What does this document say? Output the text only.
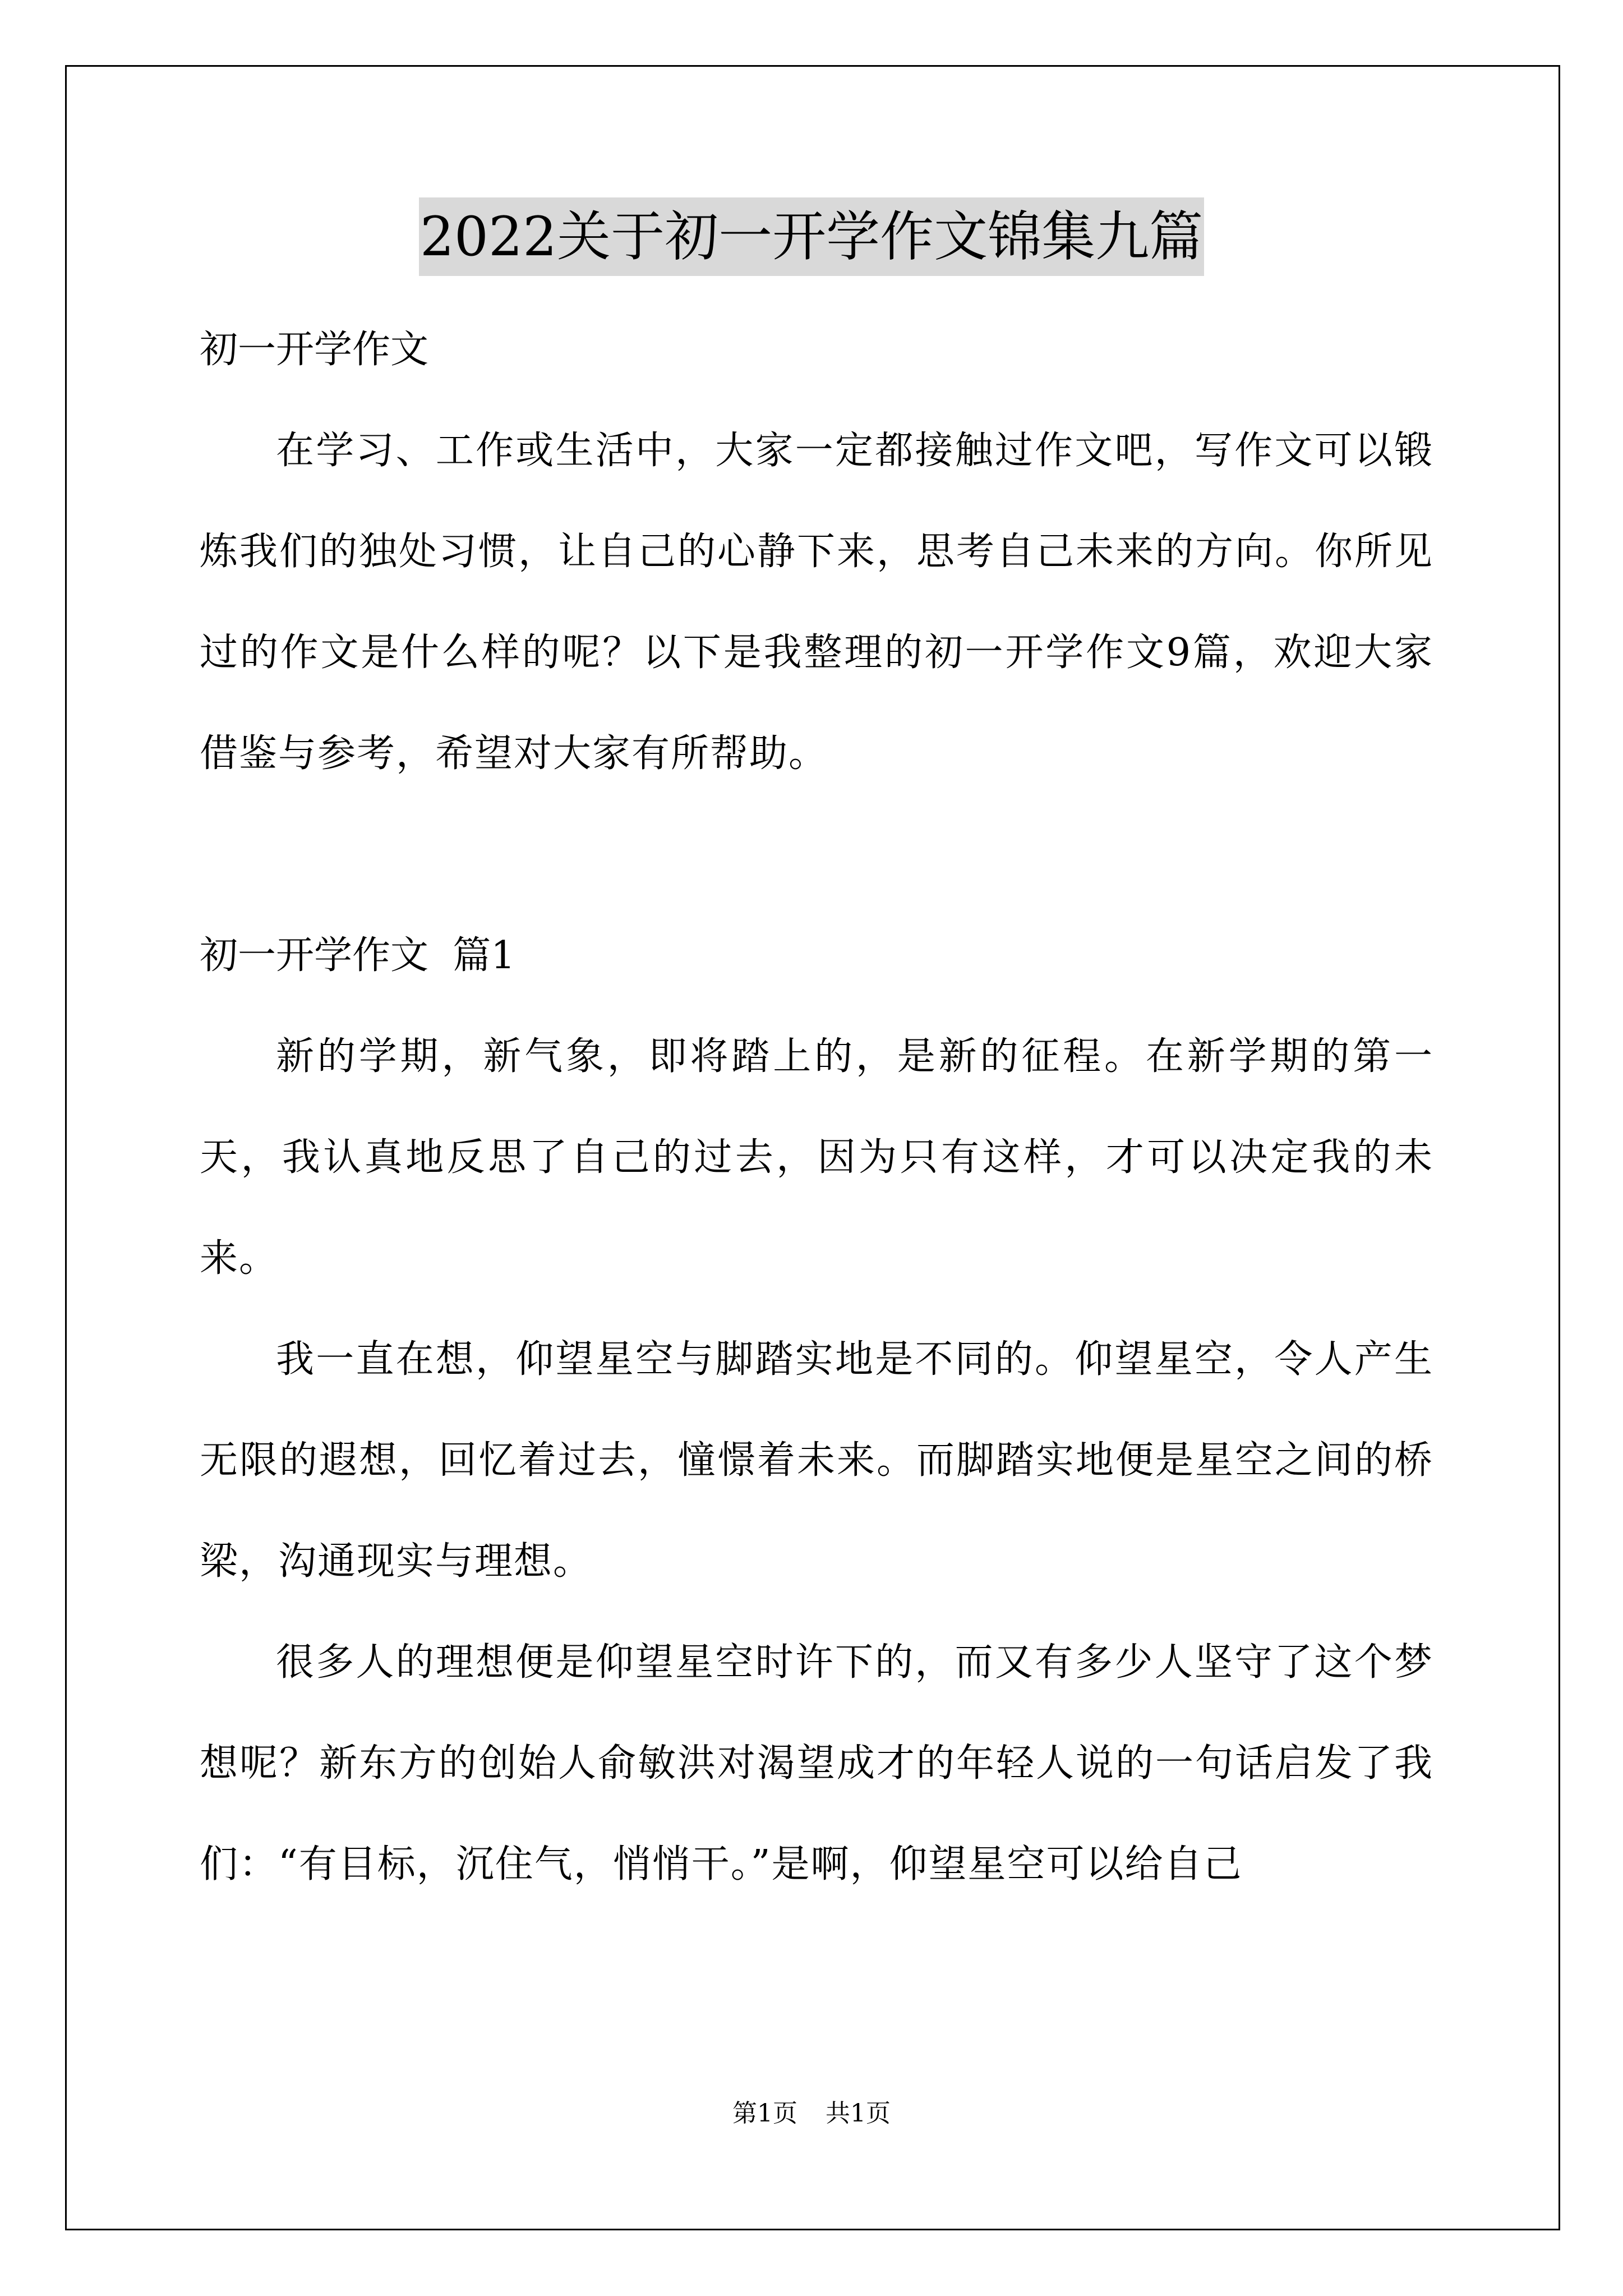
2022关于初一开学作文锦集九篇

初一开学作文

在学习、工作或生活中，大家一定都接触过作文吧，写作文可以锻炼我们的独处习惯，让自己的心静下来，思考自己未来的方向。你所见过的作文是什么样的呢？以下是我整理的初一开学作文9篇，欢迎大家借鉴与参考，希望对大家有所帮助。

初一开学作文  篇1

新的学期，新气象，即将踏上的，是新的征程。在新学期的第一天，我认真地反思了自己的过去，因为只有这样，才可以决定我的未来。

我一直在想，仰望星空与脚踏实地是不同的。仰望星空，令人产生无限的遐想，回忆着过去，憧憬着未来。而脚踏实地便是星空之间的桥梁，沟通现实与理想。

很多人的理想便是仰望星空时许下的，而又有多少人坚守了这个梦想呢？新东方的创始人俞敏洪对渴望成才的年轻人说的一句话启发了我们：“有目标，沉住气，悄悄干。”是啊，仰望星空可以给自己

第1页 共1页
